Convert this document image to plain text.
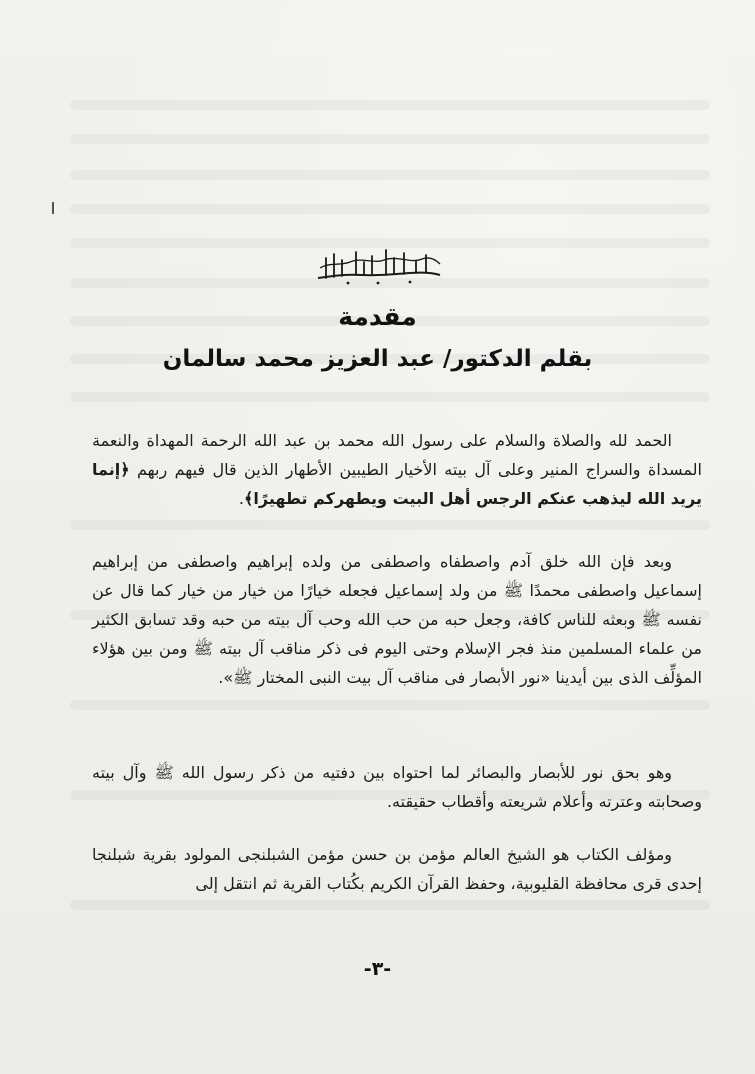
مقدمة
بقلم الدكتور/ عبد العزيز محمد سالمان

الحمد لله والصلاة والسلام على رسول الله محمد بن عبد الله الرحمة المهداة والنعمة المسداة والسراج المنير وعلى آل بيته الأخيار الطيبين الأطهار الذين قال فيهم ربهم ﴿إنما يريد الله ليذهب عنكم الرجس أهل البيت ويطهركم تطهيرًا﴾.

وبعد فإن الله خلق آدم واصطفاه واصطفى من ولده إبراهيم واصطفى من إبراهيم إسماعيل واصطفى محمدًا ﷺ من ولد إسماعيل فجعله خيارًا من خيار من خيار كما قال عن نفسه ﷺ وبعثه للناس كافة، وجعل حبه من حب الله وحب آل بيته من حبه وقد تسابق الكثير من علماء المسلمين منذ فجر الإسلام وحتى اليوم فى ذكر مناقب آل بيته ﷺ ومن بين هؤلاء المؤلِّف الذى بين أيدينا «نور الأبصار فى مناقب آل بيت النبى المختار ﷺ».

وهو بحق نور للأبصار والبصائر لما احتواه بين دفتيه من ذكر رسول الله ﷺ وآل بيته وصحابته وعترته وأعلام شريعته وأقطاب حقيقته.

ومؤلف الكتاب هو الشيخ العالم مؤمن بن حسن مؤمن الشبلنجى المولود بقرية شبلنجا إحدى قرى محافظة القليوبية، وحفظ القرآن الكريم بكُتاب القرية ثم انتقل إلى

-٣-
